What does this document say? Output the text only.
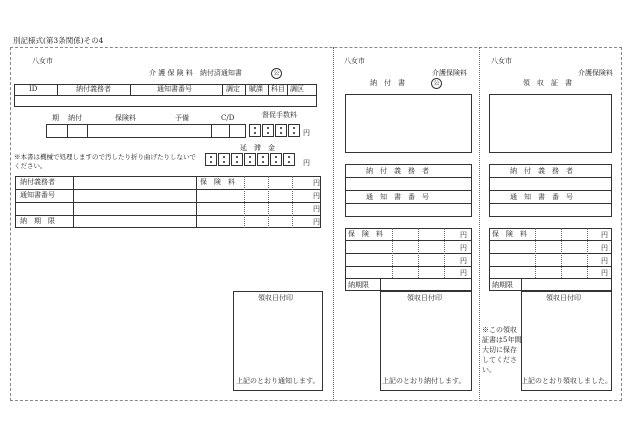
別記様式(第3条関係)その4
八女市
介 護 保 険 料　納付済通知書	公
ID	納付義務者	通知書番号	調定 賦課 科目 調区
期 納付	保険料	予備	C/D	督促手数料
円
延　滞　金
円
※本書は機械で処理しますので汚したり折り曲げたりしないでください。
納付義務者
通知書番号
納　期　限
保　険　料	円
円
円
円
領収日付印
上記のとおり通知します。
八女市
介護保険料
納　付　書	公
納　付　義　務　者
通　知　書　番　号
保　険　料	円
円
円
円
納期限
領収日付印
上記のとおり納付します。
八女市
介護保険料
領　収　証　書
納　付　義　務　者
通　知　書　番　号
保　険　料	円
円
円
円
納期限
※この領収証書は5年間大切に保存してください。
領収日付印
上記のとおり領収しました。
